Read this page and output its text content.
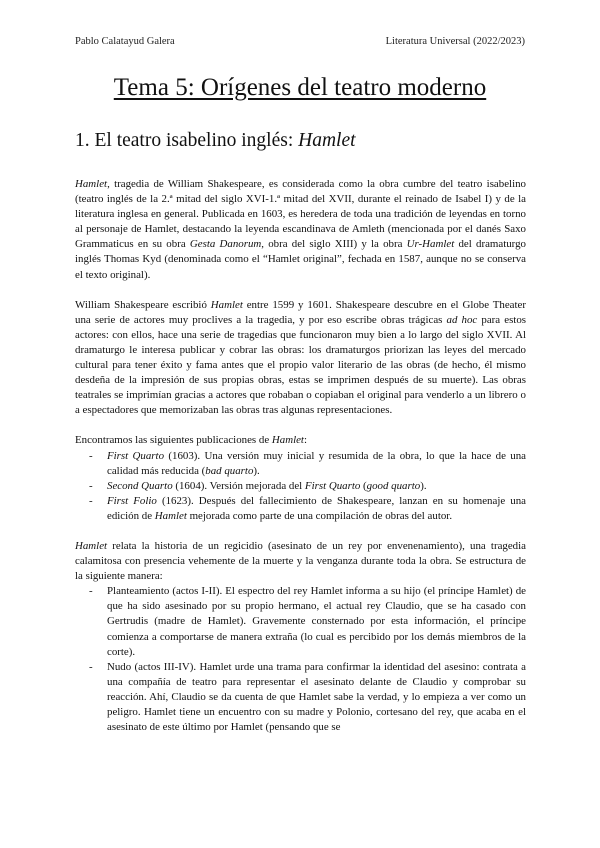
Pablo Calatayud Galera	Literatura Universal (2022/2023)
Tema 5: Orígenes del teatro moderno
1. El teatro isabelino inglés: Hamlet

Hamlet, tragedia de William Shakespeare, es considerada como la obra cumbre del teatro isabelino (teatro inglés de la 2.ª mitad del siglo XVI-1.ª mitad del XVII, durante el reinado de Isabel I) y de la literatura inglesa en general. Publicada en 1603, es heredera de toda una tradición de leyendas en torno al personaje de Hamlet, destacando la leyenda escandinava de Amleth (mencionada por el danés Saxo Grammaticus en su obra Gesta Danorum, obra del siglo XIII) y la obra Ur-Hamlet del dramaturgo inglés Thomas Kyd (denominada como el “Hamlet original”, fechada en 1587, aunque no se conserva el texto original).

William Shakespeare escribió Hamlet entre 1599 y 1601. Shakespeare descubre en el Globe Theater una serie de actores muy proclives a la tragedia, y por eso escribe obras trágicas ad hoc para estos actores: con ellos, hace una serie de tragedias que funcionaron muy bien a lo largo del siglo XVII. Al dramaturgo le interesa publicar y cobrar las obras: los dramaturgos priorizan las leyes del mercado cultural para tener éxito y fama antes que el propio valor literario de las obras (de hecho, él mismo desdeña de la impresión de sus propias obras, estas se imprimen después de su muerte). Las obras teatrales se imprimían gracias a actores que robaban o copiaban el original para venderlo a un librero o a espectadores que memorizaban las obras tras algunas representaciones.

Encontramos las siguientes publicaciones de Hamlet:

- First Quarto (1603). Una versión muy inicial y resumida de la obra, lo que la hace de una calidad más reducida (bad quarto).
- Second Quarto (1604). Versión mejorada del First Quarto (good quarto).
- First Folio (1623). Después del fallecimiento de Shakespeare, lanzan en su homenaje una edición de Hamlet mejorada como parte de una compilación de obras del autor.

Hamlet relata la historia de un regicidio (asesinato de un rey por envenenamiento), una tragedia calamitosa con presencia vehemente de la muerte y la venganza durante toda la obra. Se estructura de la siguiente manera:

- Planteamiento (actos I-II). El espectro del rey Hamlet informa a su hijo (el príncipe Hamlet) de que ha sido asesinado por su propio hermano, el actual rey Claudio, que se ha casado con Gertrudis (madre de Hamlet). Gravemente consternado por esta información, el príncipe comienza a comportarse de manera extraña (lo cual es percibido por los demás miembros de la corte).
- Nudo (actos III-IV). Hamlet urde una trama para confirmar la identidad del asesino: contrata a una compañía de teatro para representar el asesinato delante de Claudio y comprobar su reacción. Ahí, Claudio se da cuenta de que Hamlet sabe la verdad, y lo empieza a ver como un peligro. Hamlet tiene un encuentro con su madre y Polonio, cortesano del rey, que acaba en el asesinato de este último por Hamlet (pensando que se
